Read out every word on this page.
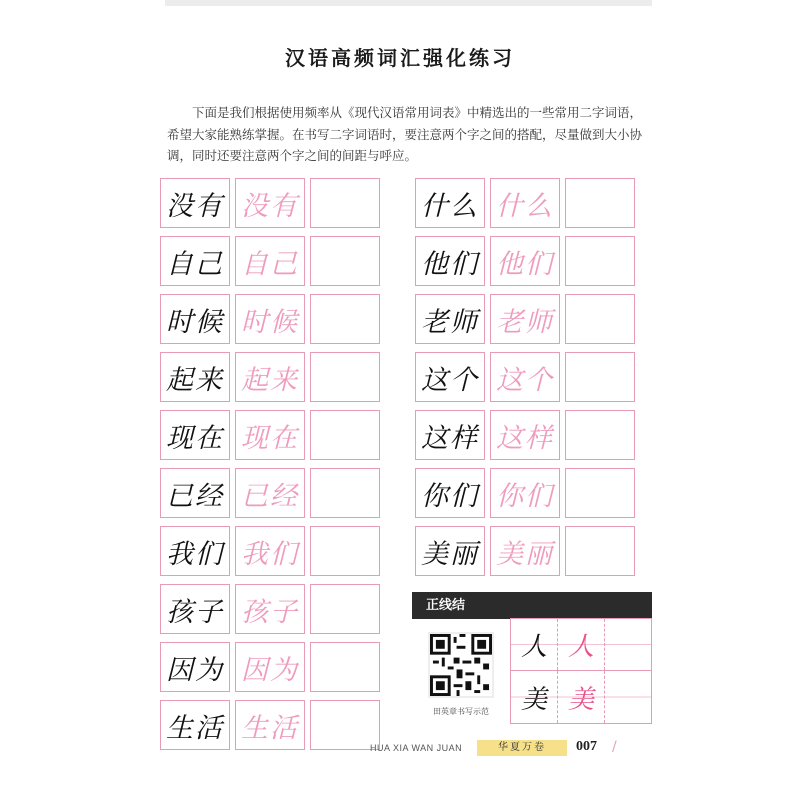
汉语高频词汇强化练习

下面是我们根据使用频率从《现代汉语常用词表》中精选出的一些常用二字词语，希望大家能熟练掌握。在书写二字词语时，要注意两个字之间的搭配，尽量做到大小协调，同时还要注意两个字之间的间距与呼应。

没有 没有
自己 自己
时候 时候
起来 起来
现在 现在
已经 已经
我们 我们
孩子 孩子
因为 因为
生活 生活
什么 什么
他们 他们
老师 老师
这个 这个
这样 这样
你们 你们
美丽 美丽
正线结
田英章书写示范
人 人
美 美
HUA XIA WAN JUAN	华夏万卷	007 /
